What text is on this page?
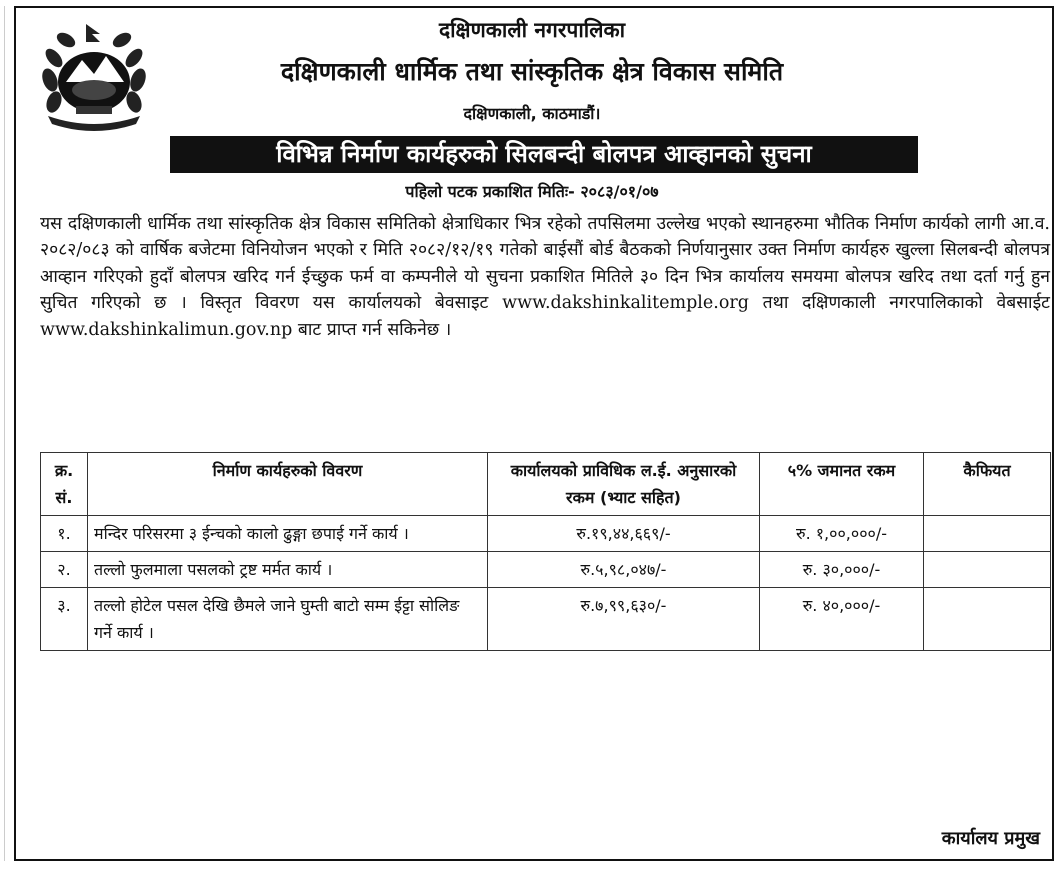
दक्षिणकाली नगरपालिका
दक्षिणकाली धार्मिक तथा सांस्कृतिक क्षेत्र विकास समिति
दक्षिणकाली, काठमाडौं।
विभिन्न निर्माण कार्यहरुको सिलबन्दी बोलपत्र आव्हानको सुचना
पहिलो पटक प्रकाशित मितिः- २०८३/०१/०७
यस दक्षिणकाली धार्मिक तथा सांस्कृतिक क्षेत्र विकास समितिको क्षेत्राधिकार भित्र रहेको तपसिलमा उल्लेख भएको स्थानहरुमा भौतिक निर्माण कार्यको लागी आ.व. २०८२/०८३ को वार्षिक बजेटमा विनियोजन भएको र मिति २०८२/१२/१९ गतेको बाईसौं बोर्ड बैठकको निर्णयानुसार उक्त निर्माण कार्यहरु खुल्ला सिलबन्दी बोलपत्र आव्हान गरिएको हुदाँ बोलपत्र खरिद गर्न ईच्छुक फर्म वा कम्पनीले यो सुचना प्रकाशित मितिले ३० दिन भित्र कार्यालय समयमा बोलपत्र खरिद तथा दर्ता गर्नु हुन सुचित गरिएको छ । विस्तृत विवरण यस कार्यालयको बेवसाइट www.dakshinkalitemple.org तथा दक्षिणकाली नगरपालिकाको वेबसाईट www.dakshinkalimun.gov.np बाट प्राप्त गर्न सकिनेछ ।
क्र. सं.	निर्माण कार्यहरुको विवरण	कार्यालयको प्राविधिक ल.ई. अनुसारको रकम (भ्याट सहित)	५% जमानत रकम	कैफियत
१.	मन्दिर परिसरमा ३ ईन्चको कालो ढुङ्गा छपाई गर्ने कार्य ।	रु.१९,४४,६६९/-	रु. १,००,०००/-	
२.	तल्लो फुलमाला पसलको ट्रष्ट मर्मत कार्य ।	रु.५,९८,०४७/-	रु. ३०,०००/-	
३.	तल्लो होटेल पसल देखि छैमले जाने घुम्ती बाटो सम्म ईट्टा सोलिङ गर्ने कार्य ।	रु.७,९९,६३०/-	रु. ४०,०००/-	
कार्यालय प्रमुख
